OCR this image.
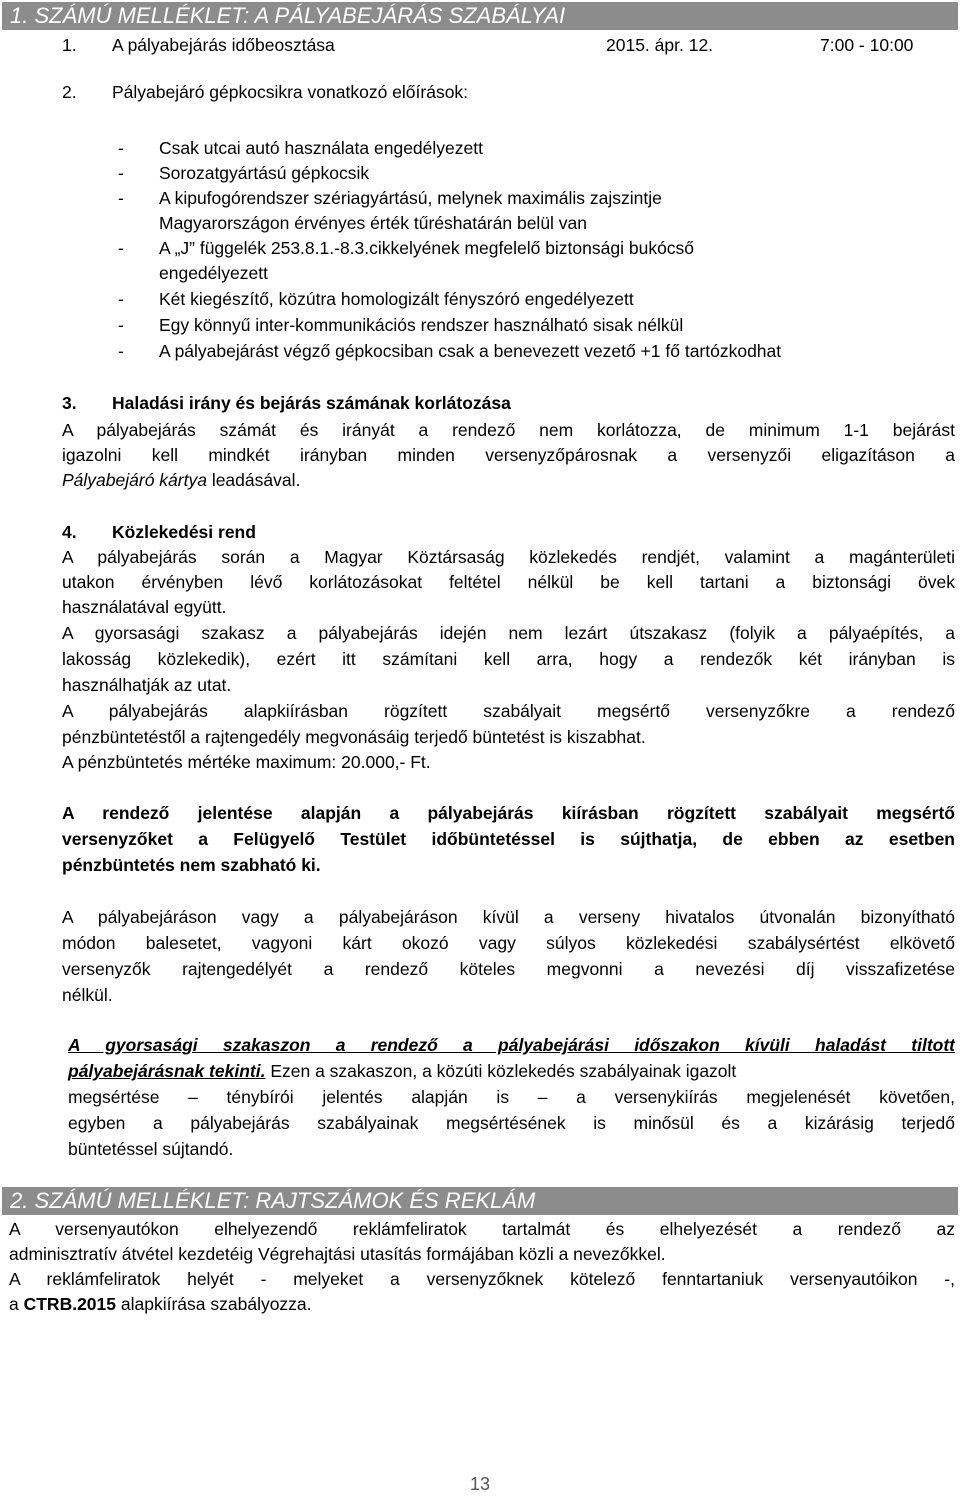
1. SZÁMÚ MELLÉKLET: A PÁLYABEJÁRÁS SZABÁLYAI
1. A pályabejárás időbeosztása	2015. ápr. 12.	7:00 - 10:00
2. Pályabejáró gépkocsikra vonatkozó előírások:
- Csak utcai autó használata engedélyezett
- Sorozatgyártású gépkocsik
- A kipufogórendszer szériagyártású, melynek maximális zajszintje
Magyarországon érvényes érték tűréshatárán belül van
- A „J” függelék 253.8.1.-8.3.cikkelyének megfelelő biztonsági bukócső
engedélyezett
- Két kiegészítő, közútra homologizált fényszóró engedélyezett
- Egy könnyű inter-kommunikációs rendszer használható sisak nélkül
- A pályabejárást végző gépkocsiban csak a benevezett vezető +1 fő tartózkodhat
3. Haladási irány és bejárás számának korlátozása
A pályabejárás számát és irányát a rendező nem korlátozza, de minimum 1-1 bejárást
igazolni kell mindkét irányban minden versenyzőpárosnak a versenyzői eligazításon a
Pályabejáró kártya leadásával.
4. Közlekedési rend
A pályabejárás során a Magyar Köztársaság közlekedés rendjét, valamint a magánterületi
utakon érvényben lévő korlátozásokat feltétel nélkül be kell tartani a biztonsági övek
használatával együtt.
A gyorsasági szakasz a pályabejárás idején nem lezárt útszakasz (folyik a pályaépítés, a
lakosság közlekedik), ezért itt számítani kell arra, hogy a rendezők két irányban is
használhatják az utat.
A pályabejárás alapkiírásban rögzített szabályait megsértő versenyzőkre a rendező
pénzbüntetéstől a rajtengedély megvonásáig terjedő büntetést is kiszabhat.
A pénzbüntetés mértéke maximum: 20.000,- Ft.
A rendező jelentése alapján a pályabejárás kiírásban rögzített szabályait megsértő
versenyzőket a Felügyelő Testület időbüntetéssel is sújthatja, de ebben az esetben
pénzbüntetés nem szabható ki.
A pályabejáráson vagy a pályabejáráson kívül a verseny hivatalos útvonalán bizonyítható
módon balesetet, vagyoni kárt okozó vagy súlyos közlekedési szabálysértést elkövető
versenyzők rajtengedélyét a rendező köteles megvonni a nevezési díj visszafizetése
nélkül.
A gyorsasági szakaszon a rendező a pályabejárási időszakon kívüli haladást tiltott
pályabejárásnak tekinti. Ezen a szakaszon, a közúti közlekedés szabályainak igazolt
megsértése – ténybírói jelentés alapján is – a versenykiírás megjelenését követően,
egyben a pályabejárás szabályainak megsértésének is minősül és a kizárásig terjedő
büntetéssel sújtandó.
2. SZÁMÚ MELLÉKLET: RAJTSZÁMOK ÉS REKLÁM
A versenyautókon elhelyezendő reklámfeliratok tartalmát és elhelyezését a rendező az
adminisztratív átvétel kezdetéig Végrehajtási utasítás formájában közli a nevezőkkel.
A reklámfeliratok helyét - melyeket a versenyzőknek kötelező fenntartaniuk versenyautóikon -,
a CTRB.2015 alapkiírása szabályozza.
13
